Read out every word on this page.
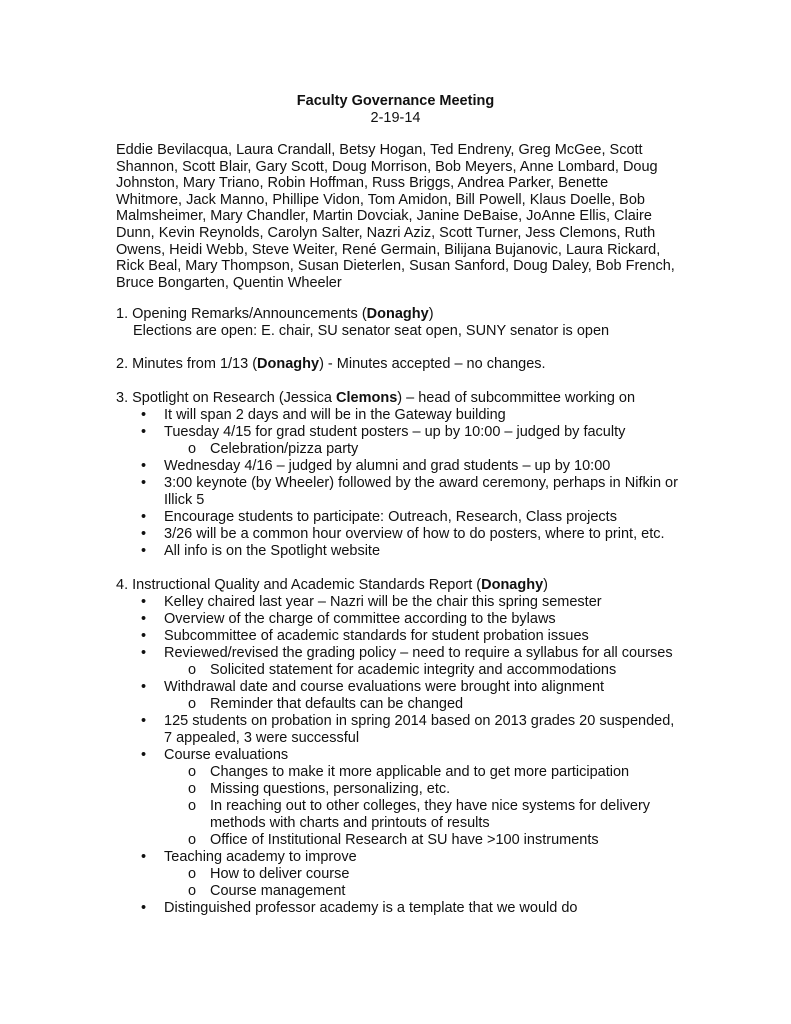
Faculty Governance Meeting
2-19-14
Eddie Bevilacqua, Laura Crandall, Betsy Hogan, Ted Endreny, Greg McGee, Scott Shannon, Scott Blair, Gary Scott, Doug Morrison, Bob Meyers, Anne Lombard, Doug Johnston, Mary Triano, Robin Hoffman, Russ Briggs, Andrea Parker, Benette Whitmore, Jack Manno, Phillipe Vidon, Tom Amidon, Bill Powell, Klaus Doelle, Bob Malmsheimer, Mary Chandler, Martin Dovciak, Janine DeBaise, JoAnne Ellis, Claire Dunn, Kevin Reynolds, Carolyn Salter, Nazri Aziz, Scott Turner, Jess Clemons, Ruth Owens, Heidi Webb, Steve Weiter, René Germain, Bilijana Bujanovic, Laura Rickard, Rick Beal, Mary Thompson, Susan Dieterlen, Susan Sanford, Doug Daley, Bob French, Bruce Bongarten, Quentin Wheeler
1. Opening Remarks/Announcements (Donaghy)
Elections are open: E. chair, SU senator seat open, SUNY senator is open
2. Minutes from 1/13 (Donaghy) - Minutes accepted – no changes.
3. Spotlight on Research (Jessica Clemons) – head of subcommittee working on
• It will span 2 days and will be in the Gateway building
• Tuesday 4/15 for grad student posters – up by 10:00 – judged by faculty
o Celebration/pizza party
• Wednesday 4/16 – judged by alumni and grad students – up by 10:00
• 3:00 keynote (by Wheeler) followed by the award ceremony, perhaps in Nifkin or Illick 5
• Encourage students to participate: Outreach, Research, Class projects
• 3/26 will be a common hour overview of how to do posters, where to print, etc.
• All info is on the Spotlight website
4. Instructional Quality and Academic Standards Report (Donaghy)
• Kelley chaired last year – Nazri will be the chair this spring semester
• Overview of the charge of committee according to the bylaws
• Subcommittee of academic standards for student probation issues
• Reviewed/revised the grading policy – need to require a syllabus for all courses
o Solicited statement for academic integrity and accommodations
• Withdrawal date and course evaluations were brought into alignment
o Reminder that defaults can be changed
• 125 students on probation in spring 2014 based on 2013 grades 20 suspended, 7 appealed, 3 were successful
• Course evaluations
o Changes to make it more applicable and to get more participation
o Missing questions, personalizing, etc.
o In reaching out to other colleges, they have nice systems for delivery methods with charts and printouts of results
o Office of Institutional Research at SU have >100 instruments
• Teaching academy to improve
o How to deliver course
o Course management
• Distinguished professor academy is a template that we would do
